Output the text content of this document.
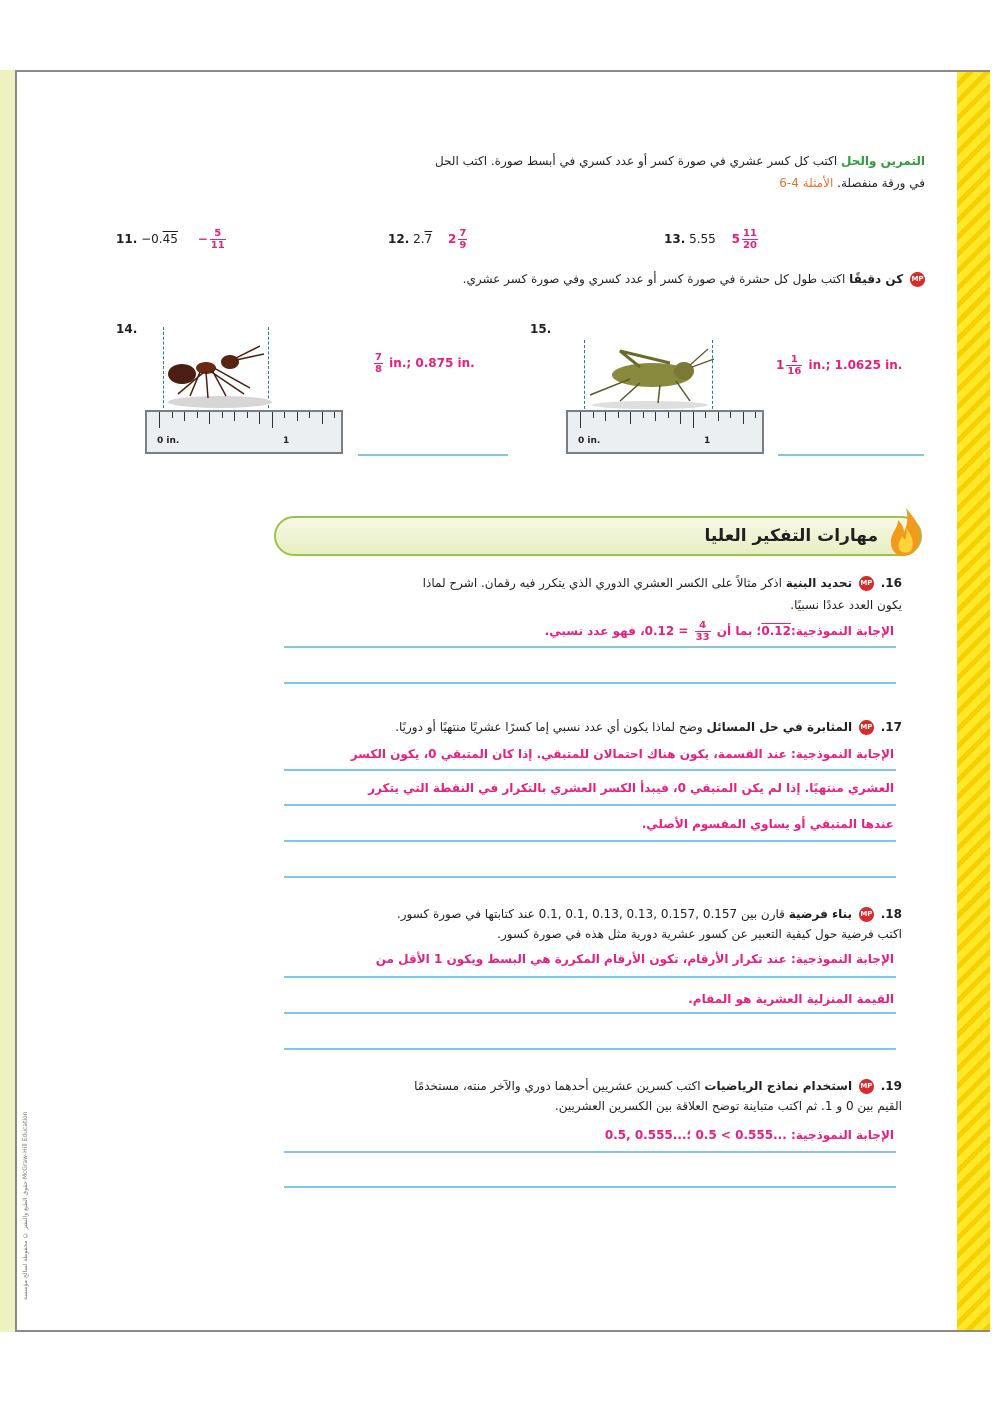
حقوق الطبع والنشر © محفوظة لصالح مؤسسة McGraw-Hill Education
التمرين والحل اكتب كل كسر عشري في صورة كسر أو عدد كسري في أبسط صورة. اكتب الحل
في ورقة منفصلة. الأمثلة 4-6
11. $-0.45 - \frac{5}{11}$	12. 2.7 $2 \frac{7}{9}$	13. 5.55 $5 \frac{11}{20}$
MP كن دقيقًا اكتب طول كل حشرة في صورة كسر أو عدد كسري وفي صورة كسر عشري.
14.
0 in.	1
$\frac{7}{8}$ in.; 0.875 in.
15.
0 in.	1
$1 \frac{1}{16}$ in.; 1.0625 in.
مهارات التفكير العليا
16. MP تحديد البنية اذكر مثالاً على الكسر العشري الدوري الذي يتكرر فيه رقمان. اشرح لماذا
يكون العدد عددًا نسبيًا.
الإجابة النموذجية:0.12؛ بما أن
$\frac{4}{33}$
= 0.12، فهو عدد نسبي.
17. MP المثابرة في حل المسائل وضح لماذا يكون أي عدد نسبي إما كسرًا عشريًا منتهيًا أو دوريًا.
الإجابة النموذجية: عند القسمة، يكون هناك احتمالان للمتبقي. إذا كان المتبقي 0، يكون الكسر
العشري منتهيًا. إذا لم يكن المتبقي 0، فيبدأ الكسر العشري بالتكرار في النقطة التي يتكرر
عندها المتبقي أو يساوي المقسوم الأصلي.
18. MP بناء فرضية قارن بين 0.157 ,0.157 ,0.13 ,0.13 ,0.1 ,0.1 عند كتابتها في صورة كسور.
اكتب فرضية حول كيفية التعبير عن كسور عشرية دورية مثل هذه في صورة كسور.
الإجابة النموذجية: عند تكرار الأرقام، تكون الأرقام المكررة هي البسط ويكون 1 الأقل من
القيمة المنزلية العشرية هو المقام.
19. MP استخدام نماذج الرياضيات اكتب كسرين عشريين أحدهما دوري والآخر منته، مستخدمًا
القيم بين 0 و 1. ثم اكتب متباينة توضح العلاقة بين الكسرين العشريين.
الإجابة النموذجية: ...0.555 > 0.5 ؛...0.555 ,0.5
